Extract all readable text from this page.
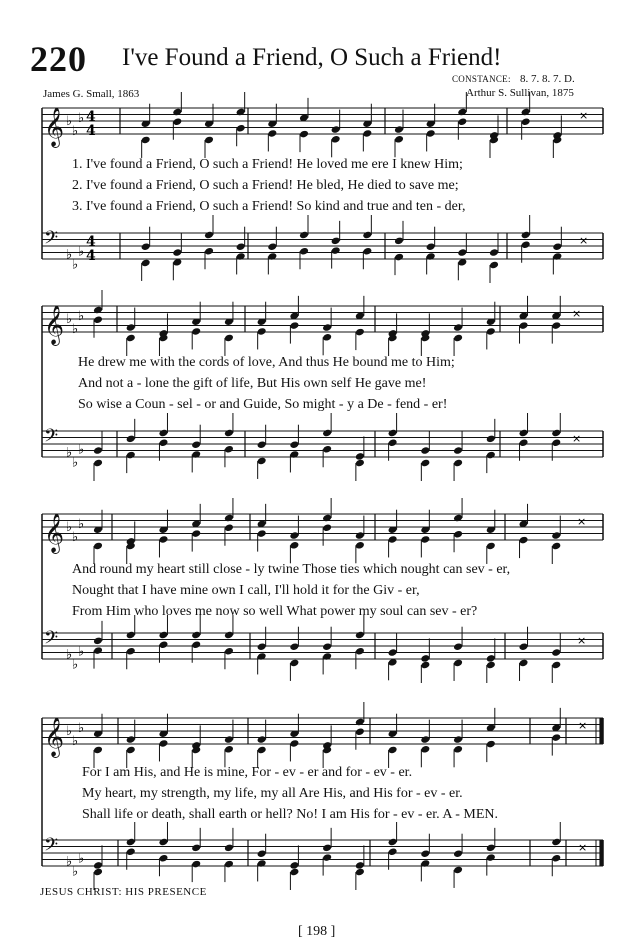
220 I've Found a Friend, O Such a Friend!
James G. Small, 1863
CONSTANCE: 8. 7. 8. 7. D.
Arthur S. Sullivan, 1875
𝄞 ♭
♭
♭ 4
4
×
𝄢
♭
♭
♭
4
4
×
𝄞 ♭
♭
♭	×
𝄢
♭
♭
♭
×
𝄞 ♭
♭
♭	×
𝄢
♭
♭
♭
×
𝄞 ♭
♭
♭	×
𝄢
♭
♭
♭
×
1. I've found a Friend, O such a Friend! He loved me ere I knew Him;
2. I've found a Friend, O such a Friend! He bled, He died to save me;
3. I've found a Friend, O such a Friend! So kind and true and ten - der,
He drew me with the cords of love, And thus He bound me to Him;
And not a - lone the gift of life, But His own self He gave me!
So wise a Coun - sel - or and Guide, So might - y a De - fend - er!
And round my heart still close - ly twine Those ties which nought can sev - er,
Nought that I have mine own I call, I'll hold it for the Giv - er,
From Him who loves me now so well What power my soul can sev - er?
For I am His, and He is mine, For - ev - er and for - ev - er.
My heart, my strength, my life, my all Are His, and His for - ev - er.
Shall life or death, shall earth or hell? No! I am His for - ev - er. A - MEN.
JESUS CHRIST: HIS PRESENCE
[ 198 ]
